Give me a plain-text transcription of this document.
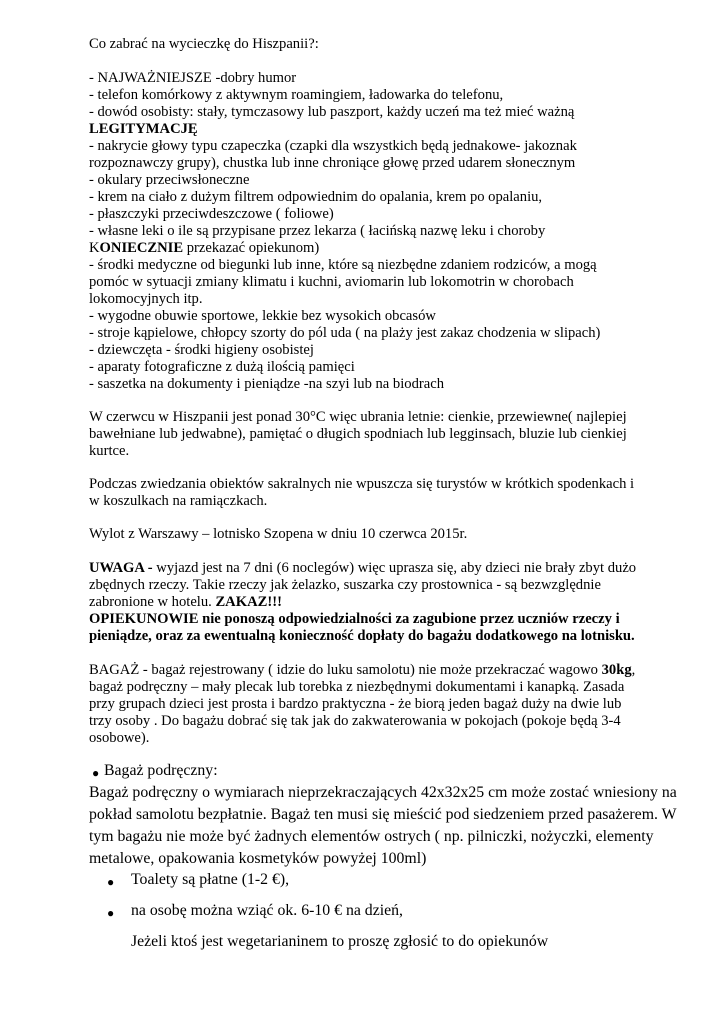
Co zabrać na wycieczkę do Hiszpanii?:
- NAJWAŻNIEJSZE -dobry humor
- telefon komórkowy z aktywnym roamingiem, ładowarka do telefonu,
- dowód osobisty: stały, tymczasowy lub paszport, każdy uczeń ma też mieć ważną
LEGITYMACJĘ
- nakrycie głowy typu czapeczka (czapki dla wszystkich będą jednakowe- jakoznak
rozpoznawczy grupy), chustka lub inne chroniące głowę przed udarem słonecznym
- okulary przeciwsłoneczne
- krem na ciało z dużym filtrem odpowiednim do opalania, krem po opalaniu,
- płaszczyki przeciwdeszczowe ( foliowe)
- własne leki o ile są przypisane przez lekarza ( łacińską nazwę leku i choroby
KONIECZNIE przekazać opiekunom)
- środki medyczne od biegunki lub inne, które są niezbędne zdaniem rodziców, a mogą
pomóc w sytuacji zmiany klimatu i kuchni, aviomarin lub lokomotrin w chorobach
lokomocyjnych itp.
- wygodne obuwie sportowe, lekkie bez wysokich obcasów
- stroje kąpielowe, chłopcy szorty do pól uda ( na plaży jest zakaz chodzenia w slipach)
- dziewczęta - środki higieny osobistej
- aparaty fotograficzne z dużą ilością pamięci
- saszetka na dokumenty i pieniądze -na szyi lub na biodrach
W czerwcu w Hiszpanii jest ponad 30°C więc ubrania letnie: cienkie, przewiewne( najlepiej
bawełniane lub jedwabne), pamiętać o długich spodniach lub legginsach, bluzie lub cienkiej
kurtce.
Podczas zwiedzania obiektów sakralnych nie wpuszcza się turystów w krótkich spodenkach i
w koszulkach na ramiączkach.
Wylot z Warszawy – lotnisko Szopena w dniu 10 czerwca 2015r.
UWAGA - wyjazd jest na 7 dni (6 noclegów) więc uprasza się, aby dzieci nie brały zbyt dużo
zbędnych rzeczy. Takie rzeczy jak żelazko, suszarka czy prostownica - są bezwzględnie
zabronione w hotelu. ZAKAZ!!!
OPIEKUNOWIE nie ponoszą odpowiedzialności za zagubione przez uczniów rzeczy i
pieniądze, oraz za ewentualną konieczność dopłaty do bagażu dodatkowego na lotnisku.
BAGAŻ - bagaż rejestrowany ( idzie do luku samolotu) nie może przekraczać wagowo 30kg,
bagaż podręczny – mały plecak lub torebka z niezbędnymi dokumentami i kanapką. Zasada
przy grupach dzieci jest prosta i bardzo praktyczna - że biorą jeden bagaż duży na dwie lub
trzy osoby . Do bagażu dobrać się tak jak do zakwaterowania w pokojach (pokoje będą 3-4
osobowe).
● Bagaż podręczny:
Bagaż podręczny o wymiarach nieprzekraczających 42x32x25 cm może zostać wniesiony na
pokład samolotu bezpłatnie. Bagaż ten musi się mieścić pod siedzeniem przed pasażerem. W
tym bagażu nie może być żadnych elementów ostrych ( np. pilniczki, nożyczki, elementy
metalowe, opakowania kosmetyków powyżej 100ml)
● Toalety są płatne (1-2 €),
● na osobę można wziąć ok. 6-10 € na dzień,
Jeżeli ktoś jest wegetarianinem to proszę zgłosić to do opiekunów
